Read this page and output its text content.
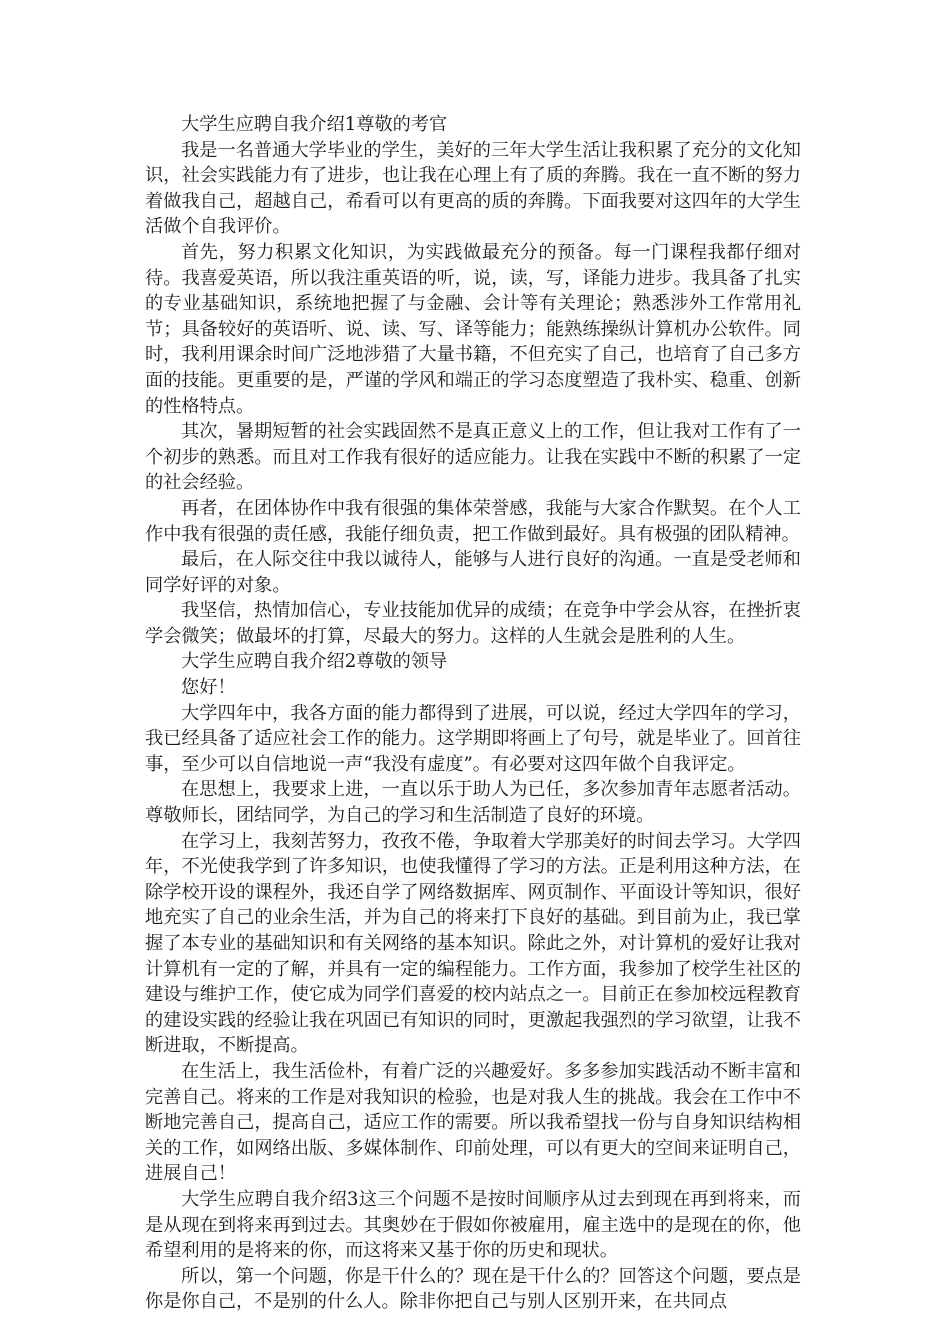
大学生应聘自我介绍1尊敬的考官

我是一名普通大学毕业的学生，美好的三年大学生活让我积累了充分的文化知识，社会实践能力有了进步，也让我在心理上有了质的奔腾。我在一直不断的努力着做我自己，超越自己，希看可以有更高的质的奔腾。下面我要对这四年的大学生活做个自我评价。

首先，努力积累文化知识，为实践做最充分的预备。每一门课程我都仔细对待。我喜爱英语，所以我注重英语的听，说，读，写，译能力进步。我具备了扎实的专业基础知识，系统地把握了与金融、会计等有关理论；熟悉涉外工作常用礼节；具备较好的英语听、说、读、写、译等能力；能熟练操纵计算机办公软件。同时，我利用课余时间广泛地涉猎了大量书籍，不但充实了自己，也培育了自己多方面的技能。更重要的是，严谨的学风和端正的学习态度塑造了我朴实、稳重、创新的性格特点。

其次，暑期短暂的社会实践固然不是真正意义上的工作，但让我对工作有了一个初步的熟悉。而且对工作我有很好的适应能力。让我在实践中不断的积累了一定的社会经验。

再者，在团体协作中我有很强的集体荣誉感，我能与大家合作默契。在个人工作中我有很强的责任感，我能仔细负责，把工作做到最好。具有极强的团队精神。

最后，在人际交往中我以诚待人，能够与人进行良好的沟通。一直是受老师和同学好评的对象。

我坚信，热情加信心，专业技能加优异的成绩；在竞争中学会从容，在挫折衷学会微笑；做最坏的打算，尽最大的努力。这样的人生就会是胜利的人生。

大学生应聘自我介绍2尊敬的领导

您好！

大学四年中，我各方面的能力都得到了进展，可以说，经过大学四年的学习，我已经具备了适应社会工作的能力。这学期即将画上了句号，就是毕业了。回首往事，至少可以自信地说一声“我没有虚度”。有必要对这四年做个自我评定。

在思想上，我要求上进，一直以乐于助人为已任，多次参加青年志愿者活动。尊敬师长，团结同学，为自己的学习和生活制造了良好的环境。

在学习上，我刻苦努力，孜孜不倦，争取着大学那美好的时间去学习。大学四年，不光使我学到了许多知识，也使我懂得了学习的方法。正是利用这种方法，在除学校开设的课程外，我还自学了网络数据库、网页制作、平面设计等知识，很好地充实了自己的业余生活，并为自己的将来打下良好的基础。到目前为止，我已掌握了本专业的基础知识和有关网络的基本知识。除此之外，对计算机的爱好让我对计算机有一定的了解，并具有一定的编程能力。工作方面，我参加了校学生社区的建设与维护工作，使它成为同学们喜爱的校内站点之一。目前正在参加校远程教育的建设实践的经验让我在巩固已有知识的同时，更激起我强烈的学习欲望，让我不断进取，不断提高。

在生活上，我生活俭朴，有着广泛的兴趣爱好。多多参加实践活动不断丰富和完善自己。将来的工作是对我知识的检验，也是对我人生的挑战。我会在工作中不断地完善自己，提高自己，适应工作的需要。所以我希望找一份与自身知识结构相关的工作，如网络出版、多媒体制作、印前处理，可以有更大的空间来证明自己，进展自己！

大学生应聘自我介绍3这三个问题不是按时间顺序从过去到现在再到将来，而是从现在到将来再到过去。其奥妙在于假如你被雇用，雇主选中的是现在的你，他希望利用的是将来的你，而这将来又基于你的历史和现状。

所以，第一个问题，你是干什么的？现在是干什么的？回答这个问题，要点是你是你自己，不是别的什么人。除非你把自己与别人区别开来，在共同点
